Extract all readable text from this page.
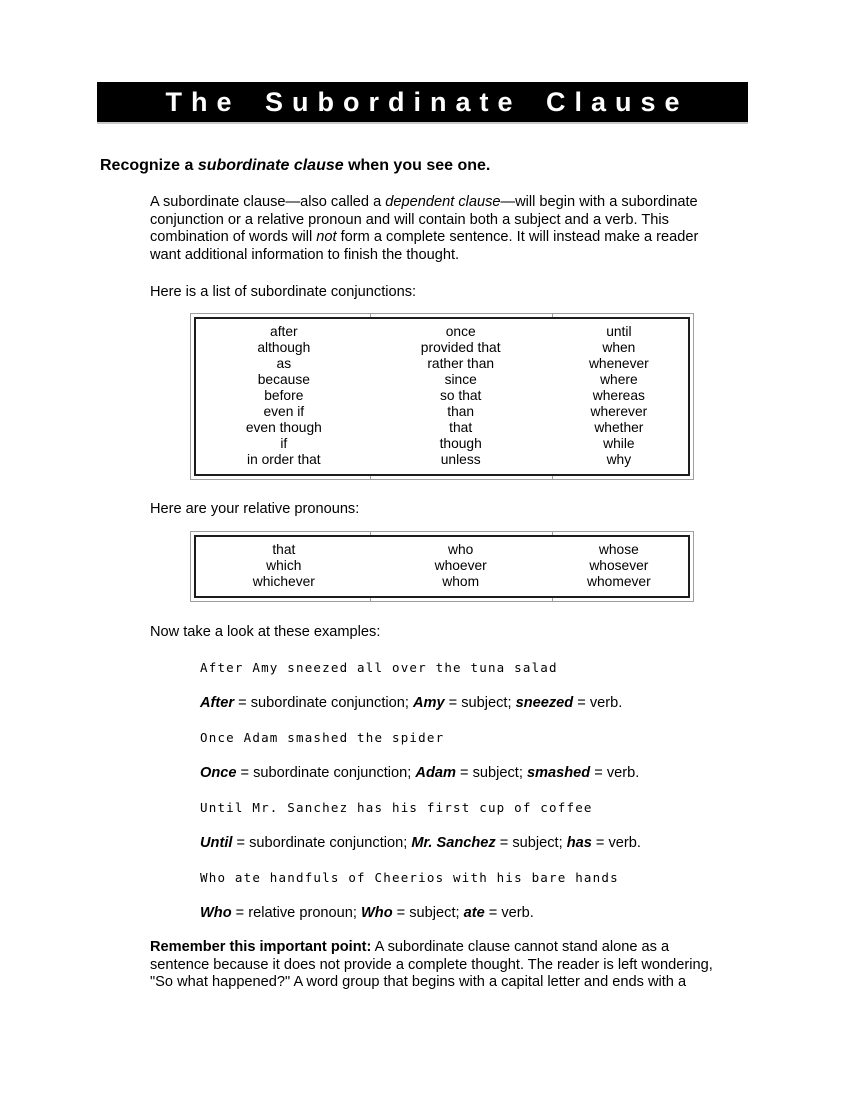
The Subordinate Clause
Recognize a subordinate clause when you see one.
A subordinate clause—also called a dependent clause—will begin with a subordinate
conjunction or a relative pronoun and will contain both a subject and a verb. This
combination of words will not form a complete sentence. It will instead make a reader
want additional information to finish the thought.
Here is a list of subordinate conjunctions:
after
although
as
because
before
even if
even though
if
in order that
once
provided that
rather than
since
so that
than
that
though
unless
until
when
whenever
where
whereas
wherever
whether
while
why
Here are your relative pronouns:
that
which
whichever
who
whoever
whom
whose
whosever
whomever
Now take a look at these examples:
After Amy sneezed all over the tuna salad
After = subordinate conjunction; Amy = subject; sneezed = verb.
Once Adam smashed the spider
Once = subordinate conjunction; Adam = subject; smashed = verb.
Until Mr. Sanchez has his first cup of coffee
Until = subordinate conjunction; Mr. Sanchez = subject; has = verb.
Who ate handfuls of Cheerios with his bare hands
Who = relative pronoun; Who = subject; ate = verb.
Remember this important point: A subordinate clause cannot stand alone as a
sentence because it does not provide a complete thought. The reader is left wondering,
"So what happened?" A word group that begins with a capital letter and ends with a
